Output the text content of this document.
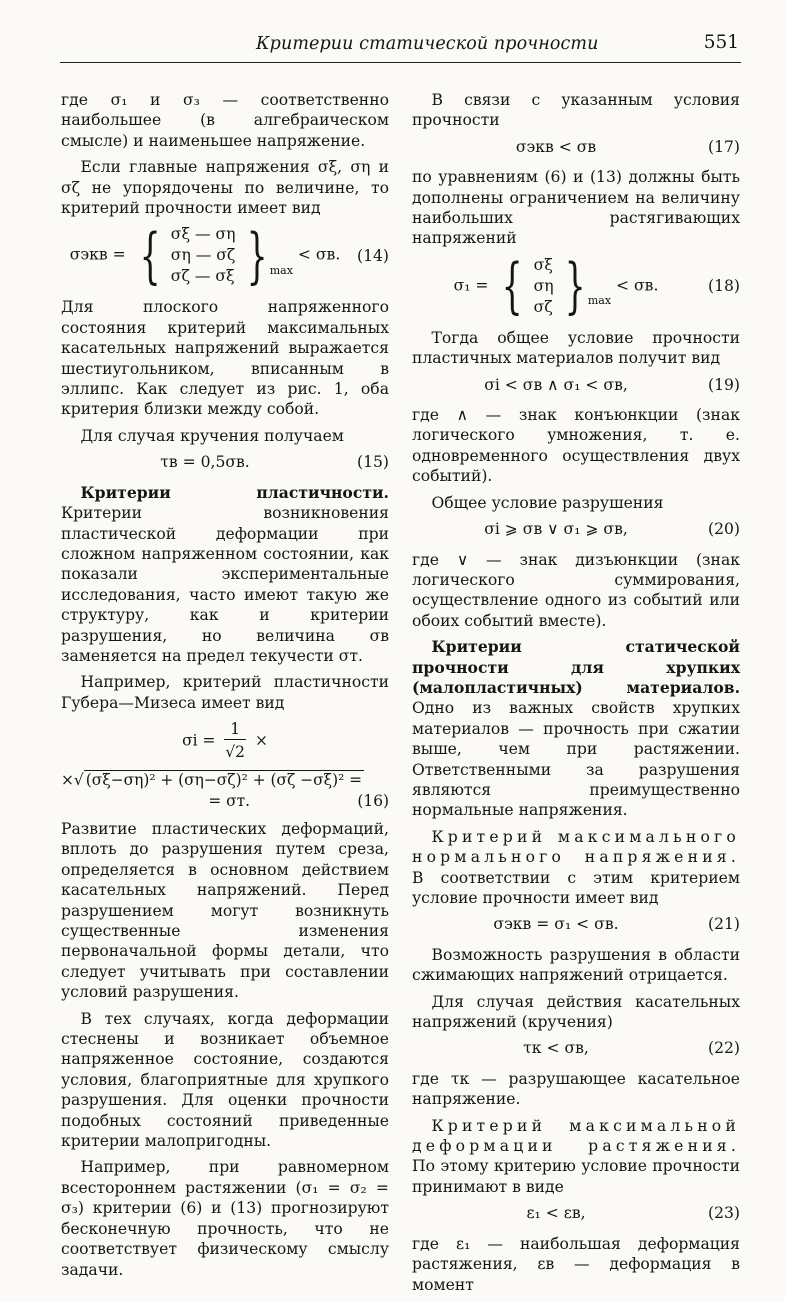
Критерии статической прочности	551

где σ₁ и σ₃ — соответственно наибольшее (в алгебраическом смысле) и наименьшее напряжение.

Если главные напряжения σξ, ση и σζ не упорядочены по величине, то критерий прочности имеет вид

σэкв = { σξ — ση
ση — σζ
σζ — σξ } max
< σв.	(14)

Для плоского напряженного состояния критерий максимальных касательных напряжений выражается шестиугольником, вписанным в эллипс. Как следует из рис. 1, оба критерия близки между собой.

Для случая кручения получаем

τв = 0,5σв.	(15)

Критерии пластичности. Критерии возникновения пластической деформации при сложном напряженном состоянии, как показали экспериментальные исследования, часто имеют такую же структуру, как и критерии разрушения, но величина σв заменяется на предел текучести σт.

Например, критерий пластичности Губера—Мизеса имеет вид

$\sigma i = \frac{1}{√2}$ ×
×√ (σξ−ση)² + (ση−σζ)² + (σζ −σξ)² =
= σт.	(16)

Развитие пластических деформаций, вплоть до разрушения путем среза, определяется в основном действием касательных напряжений. Перед разрушением могут возникнуть существенные изменения первоначальной формы детали, что следует учитывать при составлении условий разрушения.

В тех случаях, когда деформации стеснены и возникает объемное напряженное состояние, создаются условия, благоприятные для хрупкого разрушения. Для оценки прочности подобных состояний приведенные критерии малопригодны.

Например, при равномерном всестороннем растяжении (σ₁ = σ₂ = σ₃) критерии (6) и (13) прогнозируют бесконечную прочность, что не соответствует физическому смыслу задачи.

В связи с указанным условия прочности

σэкв < σв	(17)

по уравнениям (6) и (13) должны быть дополнены ограничением на величину наибольших растягивающих напряжений

σ₁ = { σξ
ση
σζ } max
< σв.	(18)

Тогда общее условие прочности пластичных материалов получит вид

σi < σв ∧ σ₁ < σв,	(19)

где ∧ — знак конъюнкции (знак логического умножения, т. е. одновременного осуществления двух событий).

Общее условие разрушения

σi ⩾ σв ∨ σ₁ ⩾ σв,	(20)

где ∨ — знак дизъюнкции (знак логического суммирования, осуществление одного из событий или обоих событий вместе).

Критерии статической прочности для хрупких (малопластичных) материалов. Одно из важных свойств хрупких материалов — прочность при сжатии выше, чем при растяжении. Ответственными за разрушения являются преимущественно нормальные напряжения.

Критерий максимального нормального напряжения. В соответствии с этим критерием условие прочности имеет вид

σэкв = σ₁ < σв.	(21)

Возможность разрушения в области сжимающих напряжений отрицается.

Для случая действия касательных напряжений (кручения)

τк < σв,	(22)

где τк — разрушающее касательное напряжение.

Критерий максимальной деформации растяжения. По этому критерию условие прочности принимают в виде

ε₁ < εв,	(23)

где ε₁ — наибольшая деформация растяжения, εв — деформация в момент
